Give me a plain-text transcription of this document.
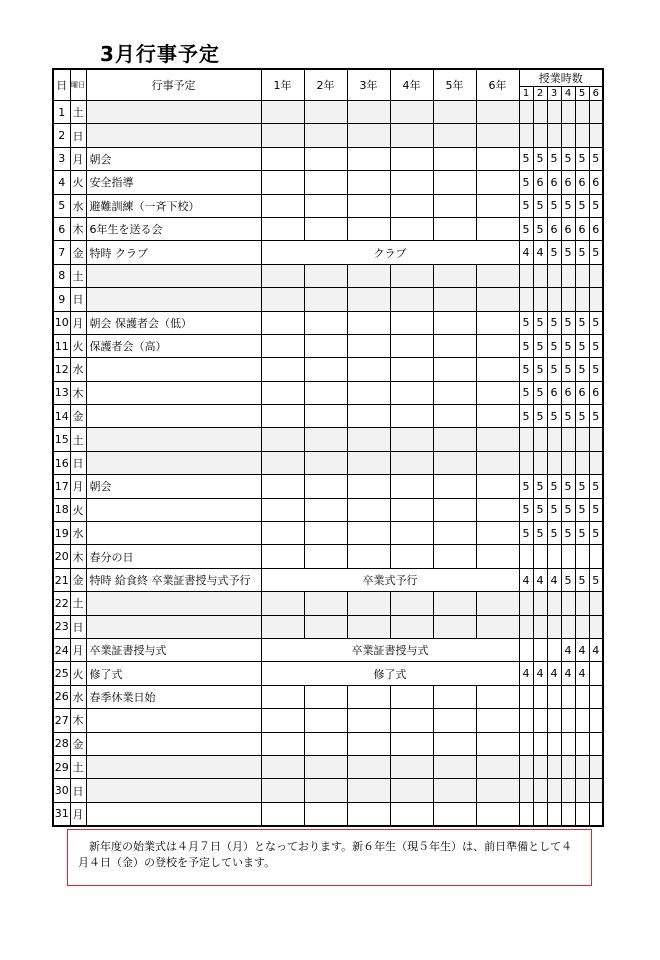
3月行事予定
日	曜日	行事予定	1年	2年	3年	4年	5年	6年	授業時数					
									1	2	3	4	5	6
1	土													
2	日													
3	月	朝会							5	5	5	5	5	5
4	火	安全指導							5	6	6	6	6	6
5	水	避難訓練（一斉下校）							5	5	5	5	5	5
6	木	6年生を送る会							5	5	6	6	6	6
7	金	特時 クラブ	クラブ						4	4	5	5	5	5
8	土													
9	日													
10	月	朝会 保護者会（低）							5	5	5	5	5	5
11	火	保護者会（高）							5	5	5	5	5	5
12	水								5	5	5	5	5	5
13	木								5	5	6	6	6	6
14	金								5	5	5	5	5	5
15	土													
16	日													
17	月	朝会							5	5	5	5	5	5
18	火								5	5	5	5	5	5
19	水								5	5	5	5	5	5
20	木	春分の日												
21	金	特時 給食終 卒業証書授与式予行	卒業式予行						4	4	4	5	5	5
22	土													
23	日													
24	月	卒業証書授与式	卒業証書授与式									4	4	4
25	火	修了式	修了式						4	4	4	4	4	
26	水	春季休業日始												
27	木													
28	金													
29	土													
30	日													
31	月													
新年度の始業式は４月７日（月）となっております。新６年生（現５年生）は、前日準備として４月４日（金）の登校を予定しています。
